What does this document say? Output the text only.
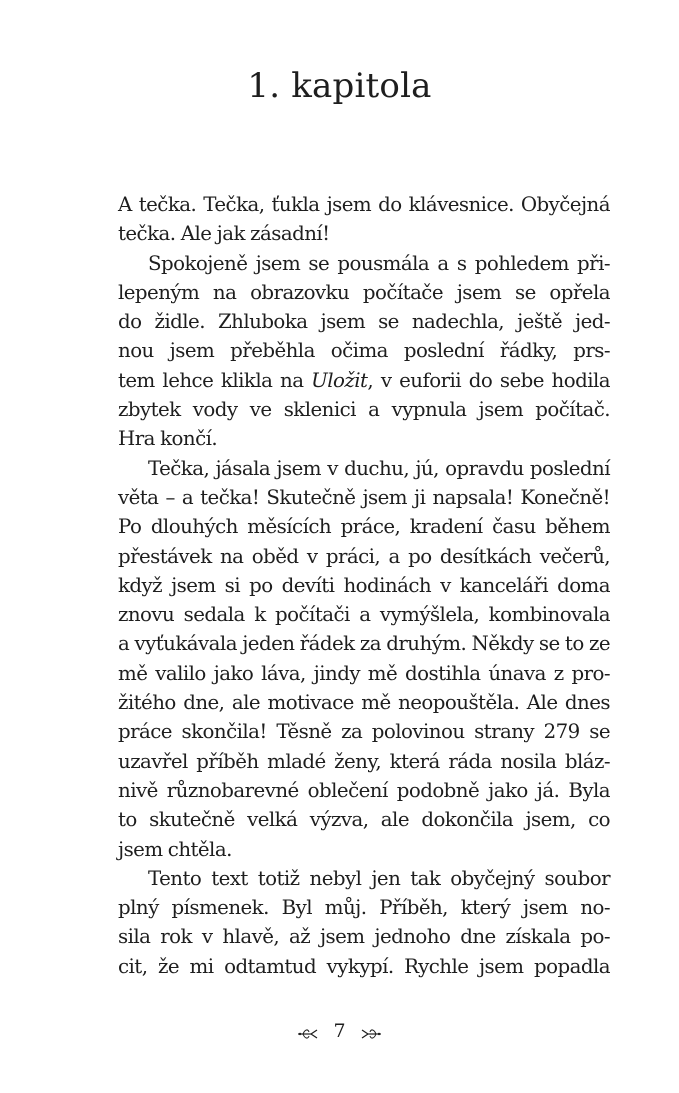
1. kapitola
A tečka. Tečka, ťukla jsem do klávesnice. Obyčejná
tečka. Ale jak zásadní!
Spokojeně jsem se pousmála a s pohledem při-
lepeným na obrazovku počítače jsem se opřela
do židle. Zhluboka jsem se nadechla, ještě jed-
nou jsem přeběhla očima poslední řádky, prs-
tem lehce klikla na Uložit, v euforii do sebe hodila
zbytek vody ve sklenici a vypnula jsem počítač.
Hra končí.
Tečka, jásala jsem v duchu, jú, opravdu poslední
věta – a tečka! Skutečně jsem ji napsala! Konečně!
Po dlouhých měsících práce, kradení času během
přestávek na oběd v práci, a po desítkách večerů,
když jsem si po devíti hodinách v kanceláři doma
znovu sedala k počítači a vymýšlela, kombinovala
a vyťukávala jeden řádek za druhým. Někdy se to ze
mě valilo jako láva, jindy mě dostihla únava z pro-
žitého dne, ale motivace mě neopouštěla. Ale dnes
práce skončila! Těsně za polovinou strany 279 se
uzavřel příběh mladé ženy, která ráda nosila bláz-
nivě různobarevné oblečení podobně jako já. Byla
to skutečně velká výzva, ale dokončila jsem, co
jsem chtěla.
Tento text totiž nebyl jen tak obyčejný soubor
plný písmenek. Byl můj. Příběh, který jsem no-
sila rok v hlavě, až jsem jednoho dne získala po-
cit, že mi odtamtud vykypí. Rychle jsem popadla
7
